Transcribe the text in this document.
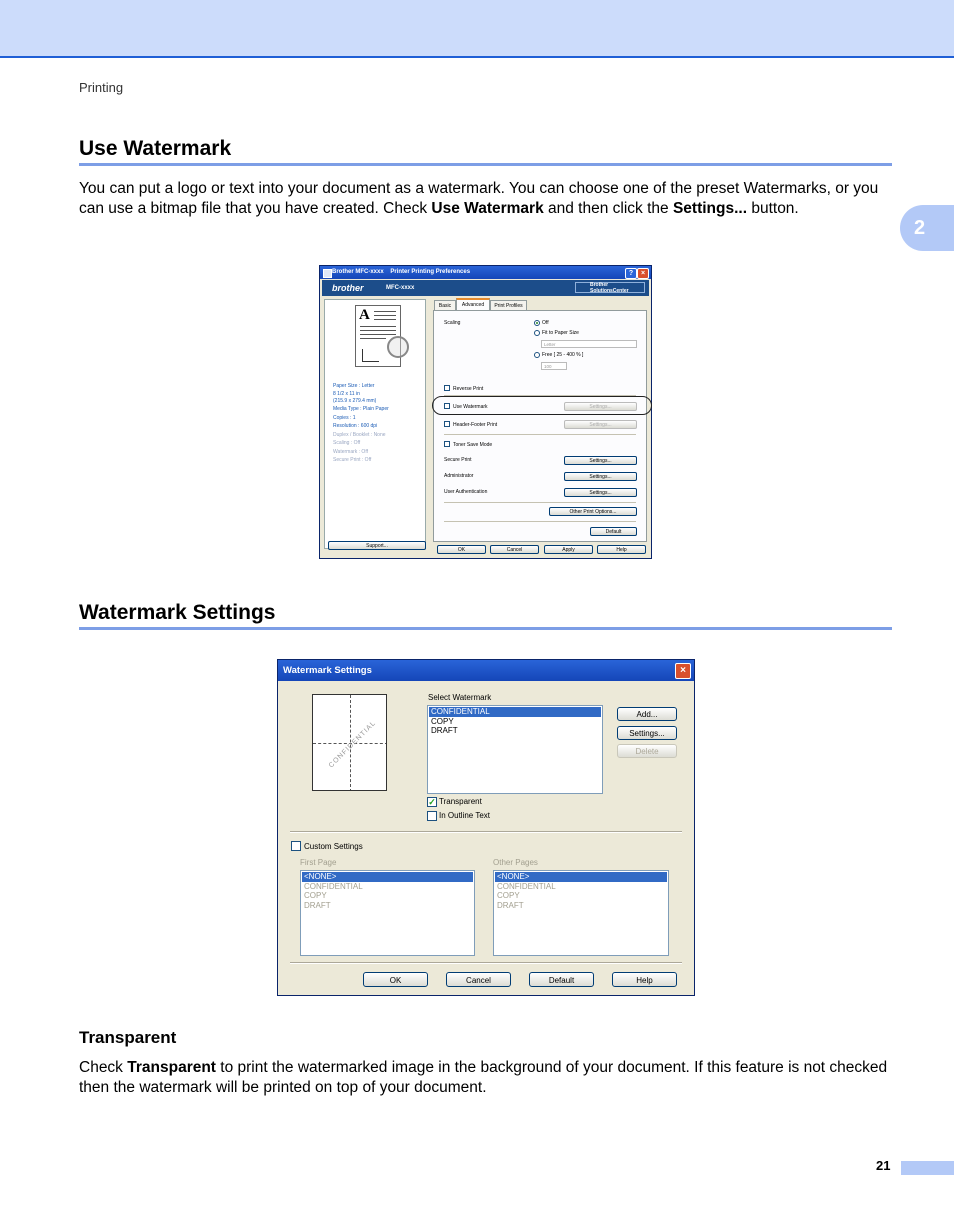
Printing
2
Use Watermark

You can put a logo or text into your document as a watermark. You can choose one of the preset Watermarks, or you can use a bitmap file that you have created. Check Use Watermark and then click the Settings... button.

Brother MFC-xxxx Printer Printing Preferences	?	×
brother	MFC-xxxx	Brother SolutionsCenter
A
Paper Size : Letter
8 1/2 x 11 in
(215.9 x 279.4 mm)
Media Type : Plain Paper
Copies : 1
Resolution : 600 dpi
Duplex / Booklet : None
Scaling : Off
Watermark : Off
Secure Print : Off
Support...
Basic	Advanced	Print Profiles
Scaling	Off
Fit to Paper Size
Letter
Free [ 25 - 400 % ]
100
Reverse Print
Use Watermark	Settings...
Header-Footer Print	Settings...
Toner Save Mode
Secure Print	Settings...
Administrator	Settings...
User Authentication	Settings...
Other Print Options...
Default
OK	Cancel	Apply	Help
Watermark Settings
Watermark Settings	×
CONFIDENTIAL
Select Watermark
CONFIDENTIAL
COPY
DRAFT
Add...
Settings...
Delete
✓ Transparent
In Outline Text
Custom Settings
First Page
<NONE>
CONFIDENTIAL
COPY
DRAFT
Other Pages
<NONE>
CONFIDENTIAL
COPY
DRAFT
OK	Cancel	Default	Help
Transparent

Check Transparent to print the watermarked image in the background of your document. If this feature is not checked then the watermark will be printed on top of your document.

21
